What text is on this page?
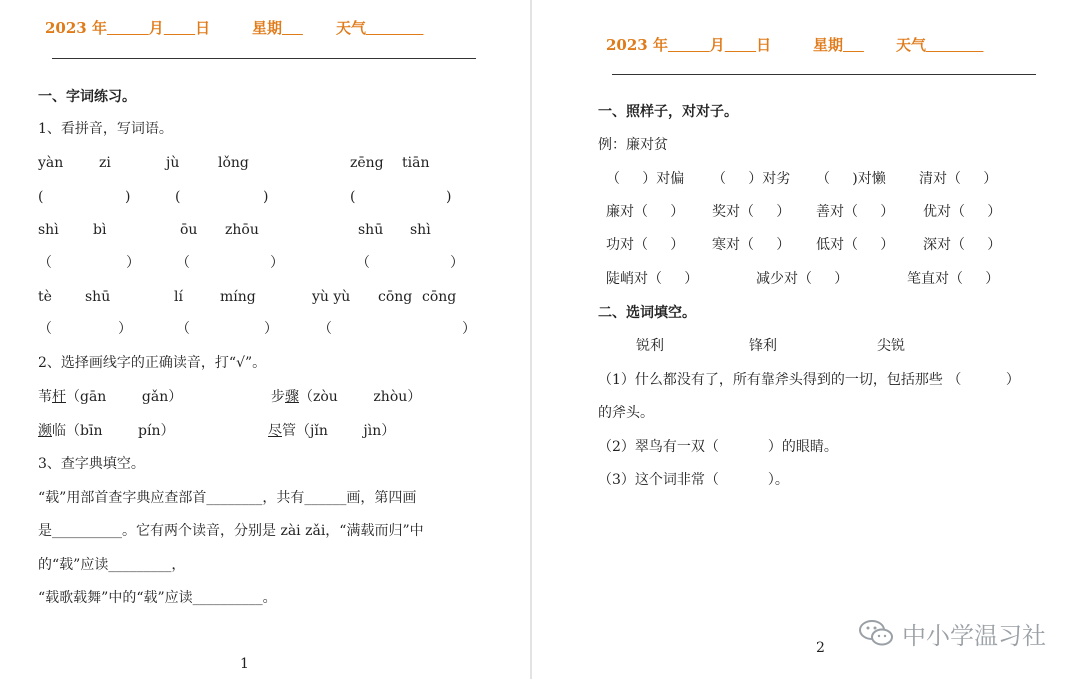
2023 年	月 日	星期	天气
一、字词练习。
1、看拼音，写词语。
yàn	zi	jù	lǒng	zēng tiān
(	)	(	)	(	)
shì bì	ōu zhōu	shū shì
（	）	（	）	（	）
tè shū	lí	míng	yù yù cōng cōng
（	）	（	）	（	）
2、选择画线字的正确读音，打“√”。
苇杆（gān        gǎn）	步骤（zòu        zhòu）
濒临（bīn        pín）	尽管（jǐn        jìn）
3、查字典填空。
“载”用部首查字典应查部首________，共有______画，第四画
是__________。它有两个读音，分别是 zài zǎi，“满载而归”中
的“载”应读_________，
“载歌载舞”中的“载”应读__________。
1
2023 年	月 日	星期	天气
一、照样子，对对子。
例：廉对贫
（     ）对偏 （     ）对劣 （     )对懒 清对（     ）
廉对（     ） 奖对（     ） 善对（     ） 优对（     ）
功对（     ） 寒对（     ） 低对（     ） 深对（     ）
陡峭对（     ）	减少对（     ）	笔直对（     ）
二、选词填空。
锐利	锋利	尖锐
（1）什么都没有了，所有靠斧头得到的一切，包括那些 （          ）
的斧头。
（2）翠鸟有一双（           ）的眼睛。
（3）这个词非常（           ）。
2	中小学温习社
